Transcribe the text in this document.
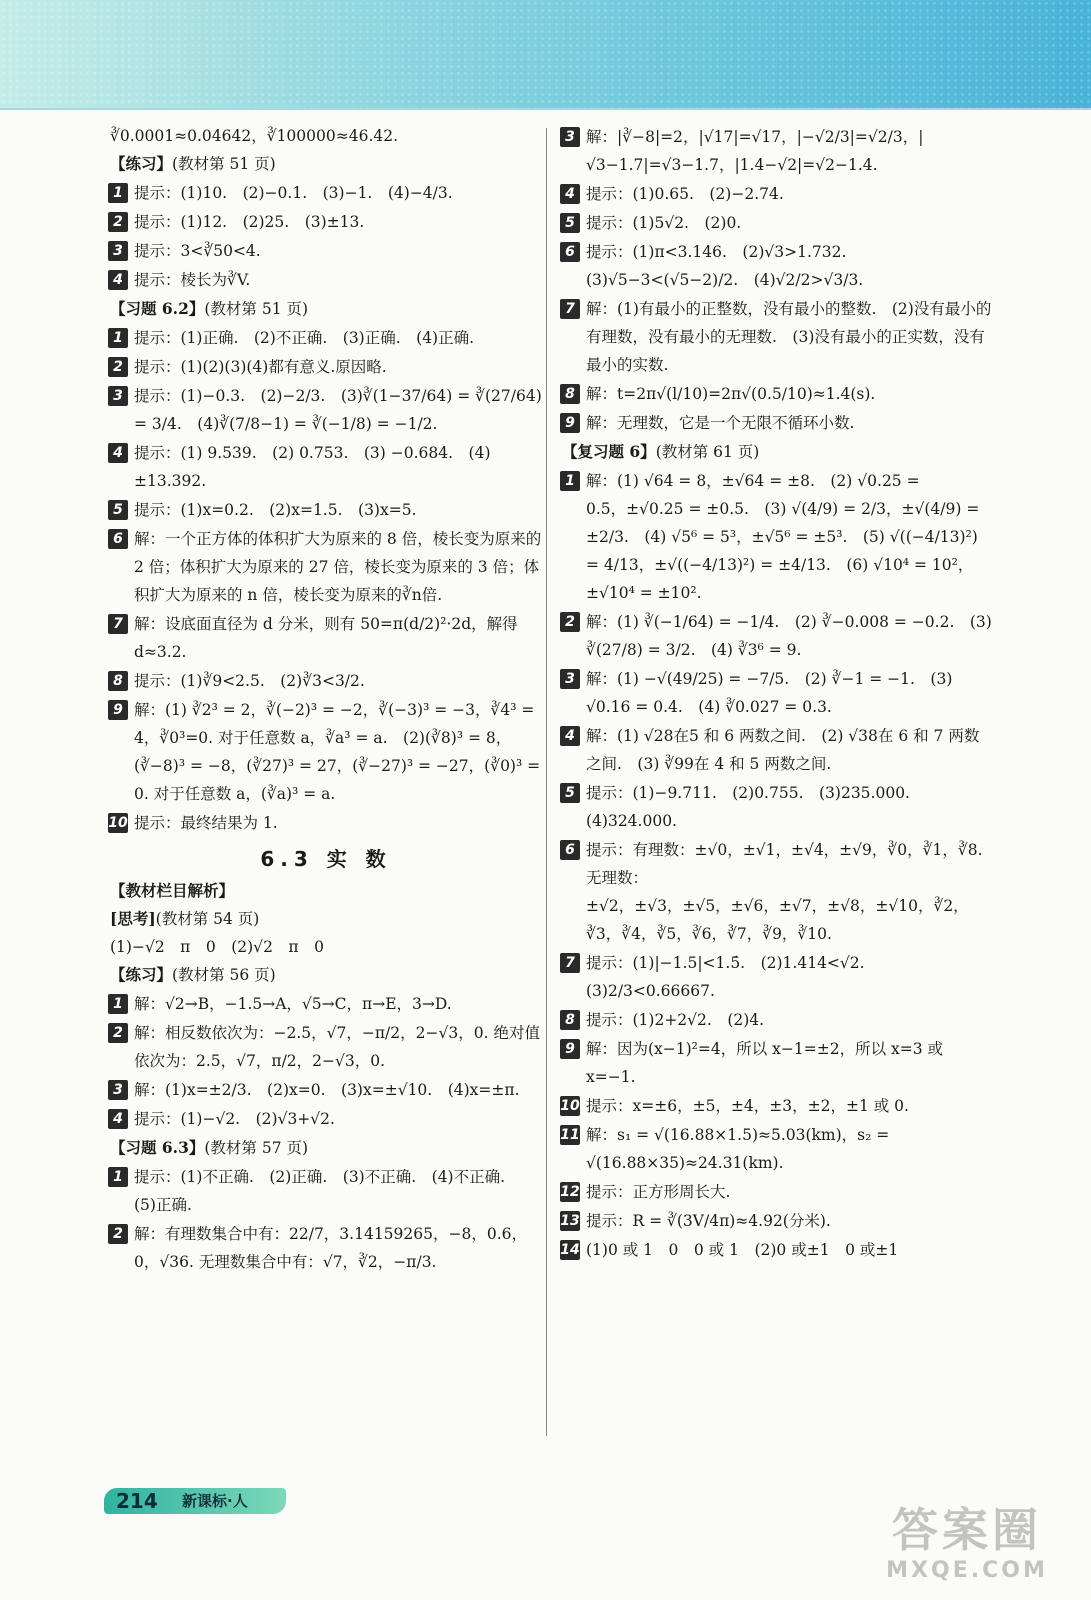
∛0.0001≈0.04642，∛100000≈46.42.
【练习】(教材第 51 页)
1 提示：(1)10.　(2)−0.1.　(3)−1.　(4)−4/3.
2 提示：(1)12.　(2)25.　(3)±13.
3 提示：3<∛50<4.
4 提示：棱长为∛V.
【习题 6.2】(教材第 51 页)
1 提示：(1)正确.　(2)不正确.　(3)正确.　(4)正确.
2 提示：(1)(2)(3)(4)都有意义.原因略.
3 提示：(1)−0.3.　(2)−2/3.　(3)∛(1−37/64) = ∛(27/64) = 3/4.　(4)∛(7/8−1) = ∛(−1/8) = −1/2.
4 提示：(1) 9.539.　(2) 0.753.　(3) −0.684.　(4)±13.392.
5 提示：(1)x=0.2.　(2)x=1.5.　(3)x=5.
6 解：一个正方体的体积扩大为原来的 8 倍，棱长变为原来的 2 倍；体积扩大为原来的 27 倍，棱长变为原来的 3 倍；体积扩大为原来的 n 倍，棱长变为原来的∛n倍.
7 解：设底面直径为 d 分米，则有 50=π(d/2)²·2d，解得 d≈3.2.
8 提示：(1)∛9<2.5.　(2)∛3<3/2.
9 解：(1) ∛2³ = 2，∛(−2)³ = −2，∛(−3)³ = −3，∛4³ = 4，∛0³=0. 对于任意数 a，∛a³ = a.　(2)(∛8)³ = 8，(∛−8)³ = −8，(∛27)³ = 27，(∛−27)³ = −27，(∛0)³ = 0. 对于任意数 a，(∛a)³ = a.
10 提示：最终结果为 1.
6.3 实 数
【教材栏目解析】
[思考](教材第 54 页)
(1)−√2　π　0　(2)√2　π　0
【练习】(教材第 56 页)
1 解：√2→B，−1.5→A，√5→C，π→E，3→D.
2 解：相反数依次为：−2.5，√7，−π/2，2−√3，0. 绝对值依次为：2.5，√7，π/2，2−√3，0.
3 解：(1)x=±2/3.　(2)x=0.　(3)x=±√10.　(4)x=±π.
4 提示：(1)−√2.　(2)√3+√2.
【习题 6.3】(教材第 57 页)
1 提示：(1)不正确.　(2)正确.　(3)不正确.　(4)不正确.　(5)正确.
2 解：有理数集合中有：22/7，3.14159265，−8，0.6，0，√36. 无理数集合中有：√7，∛2，−π/3.
3 解：|∛−8|=2，|√17|=√17，|−√2/3|=√2/3，|√3−1.7|=√3−1.7，|1.4−√2|=√2−1.4.
4 提示：(1)0.65.　(2)−2.74.
5 提示：(1)5√2.　(2)0.
6 提示：(1)π<3.146.　(2)√3>1.732.　(3)√5−3<(√5−2)/2.　(4)√2/2>√3/3.
7 解：(1)有最小的正整数，没有最小的整数.　(2)没有最小的有理数，没有最小的无理数.　(3)没有最小的正实数，没有最小的实数.
8 解：t=2π√(l/10)=2π√(0.5/10)≈1.4(s).
9 解：无理数，它是一个无限不循环小数.
【复习题 6】(教材第 61 页)
1 解：(1) √64 = 8，±√64 = ±8.　(2) √0.25 = 0.5，±√0.25 = ±0.5.　(3) √(4/9) = 2/3，±√(4/9) = ±2/3.　(4) √5⁶ = 5³，±√5⁶ = ±5³.　(5) √((−4/13)²) = 4/13，±√((−4/13)²) = ±4/13.　(6) √10⁴ = 10²，±√10⁴ = ±10².
2 解：(1) ∛(−1/64) = −1/4.　(2) ∛−0.008 = −0.2.　(3) ∛(27/8) = 3/2.　(4) ∛3⁶ = 9.
3 解：(1) −√(49/25) = −7/5.　(2) ∛−1 = −1.　(3) √0.16 = 0.4.　(4) ∛0.027 = 0.3.
4 解：(1) √28在5 和 6 两数之间.　(2) √38在 6 和 7 两数之间.　(3) ∛99在 4 和 5 两数之间.
5 提示：(1)−9.711.　(2)0.755.　(3)235.000.　(4)324.000.
6 提示：有理数：±√0，±√1，±√4，±√9，∛0，∛1，∛8. 无理数：±√2，±√3，±√5，±√6，±√7，±√8，±√10，∛2，∛3，∛4，∛5，∛6，∛7，∛9，∛10.
7 提示：(1)|−1.5|<1.5̇.　(2)1.414<√2.　(3)2/3<0.66667.
8 提示：(1)2+2√2.　(2)4.
9 解：因为(x−1)²=4，所以 x−1=±2，所以 x=3 或 x=−1.
10 提示：x=±6，±5，±4，±3，±2，±1 或 0.
11 解：s₁ = √(16.88×1.5)≈5.03(km)，s₂ = √(16.88×35)≈24.31(km).
12 提示：正方形周长大.
13 提示：R = ∛(3V/4π)≈4.92(分米).
14 (1)0 或 1　0　0 或 1　(2)0 或±1　0 或±1
214 新课标·人
答案圈
MXQE.COM
